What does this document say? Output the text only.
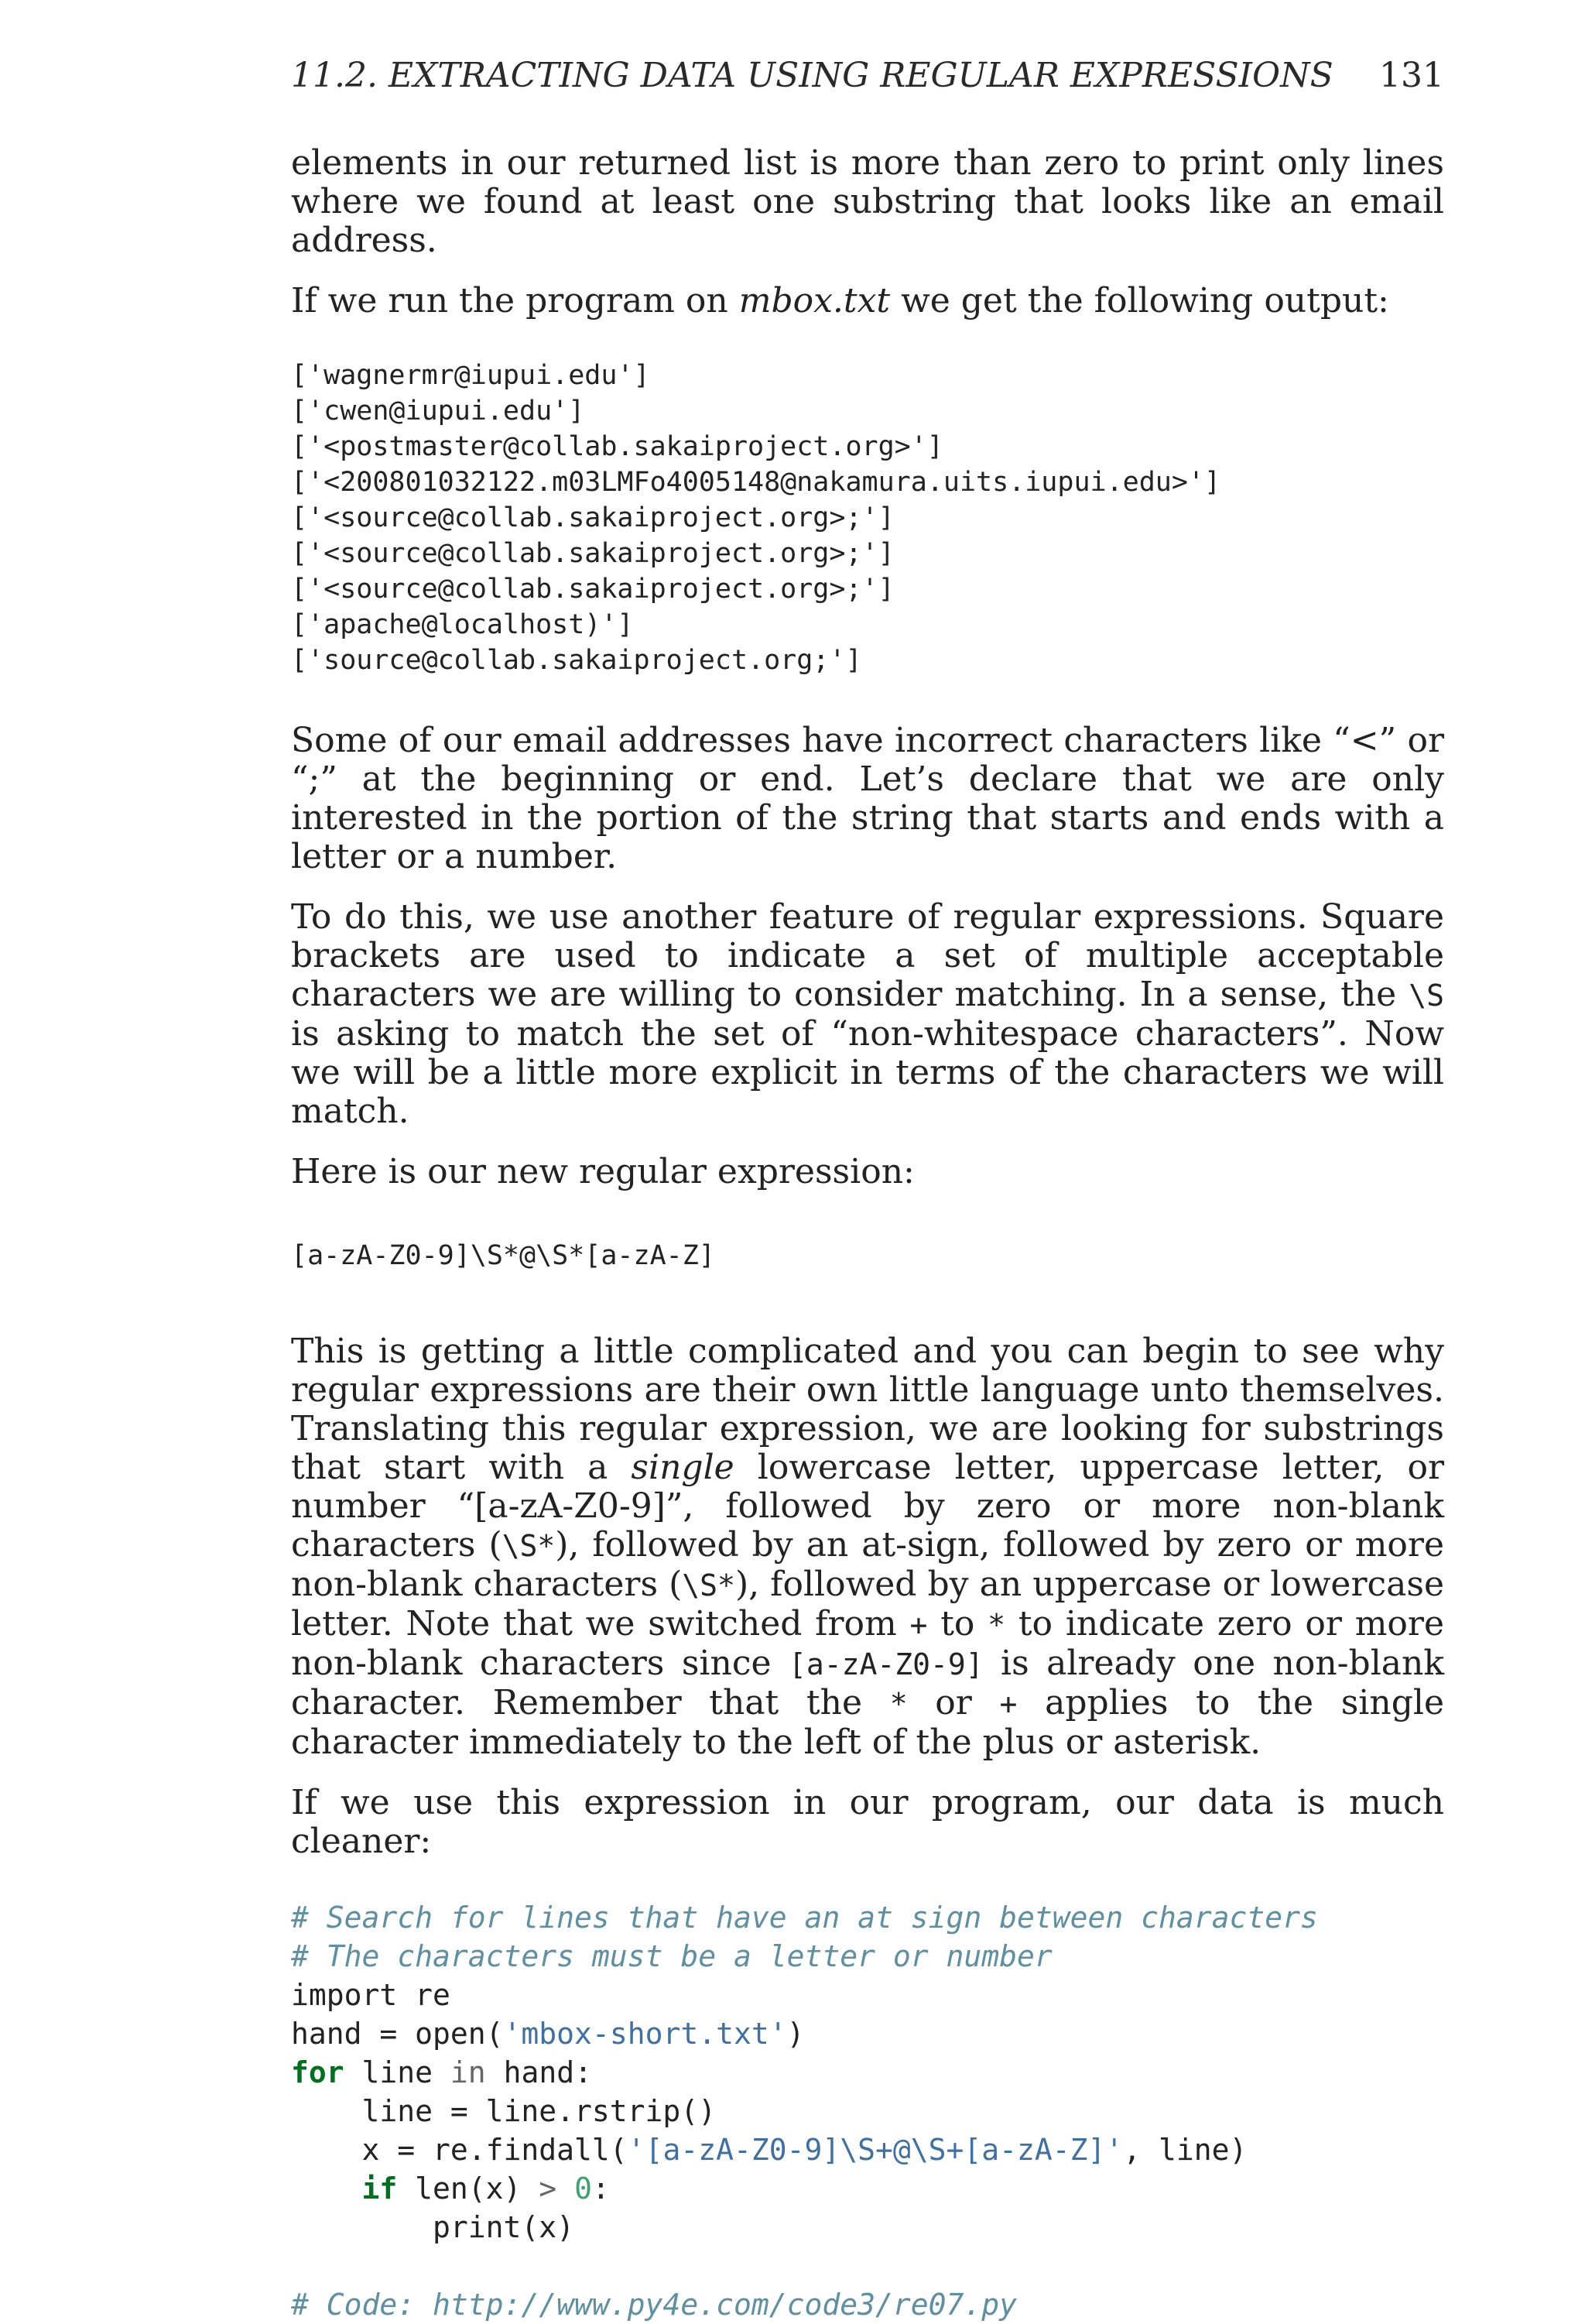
11.2. EXTRACTING DATA USING REGULAR EXPRESSIONS 131

elements in our returned list is more than zero to print only lines where we found at least one substring that looks like an email address.

If we run the program on mbox.txt we get the following output:

['wagnermr@iupui.edu']
['cwen@iupui.edu']
['<postmaster@collab.sakaiproject.org>']
['<200801032122.m03LMFo4005148@nakamura.uits.iupui.edu>']
['<source@collab.sakaiproject.org>;']
['<source@collab.sakaiproject.org>;']
['<source@collab.sakaiproject.org>;']
['apache@localhost)']
['source@collab.sakaiproject.org;']

Some of our email addresses have incorrect characters like “<” or “;” at the beginning or end. Let’s declare that we are only interested in the portion of the string that starts and ends with a letter or a number.

To do this, we use another feature of regular expressions. Square brackets are used to indicate a set of multiple acceptable characters we are willing to consider matching. In a sense, the \S is asking to match the set of “non-whitespace characters”. Now we will be a little more explicit in terms of the characters we will match.

Here is our new regular expression:

[a-zA-Z0-9]\S*@\S*[a-zA-Z]

This is getting a little complicated and you can begin to see why regular expressions are their own little language unto themselves. Translating this regular expression, we are looking for substrings that start with a single lowercase letter, uppercase letter, or number “[a-zA-Z0-9]”, followed by zero or more non-blank characters (\S*), followed by an at-sign, followed by zero or more non-blank characters (\S*), followed by an uppercase or lowercase letter. Note that we switched from + to * to indicate zero or more non-blank characters since [a-zA-Z0-9] is already one non-blank character. Remember that the * or + applies to the single character immediately to the left of the plus or asterisk.

If we use this expression in our program, our data is much cleaner:

# Search for lines that have an at sign between characters
# The characters must be a letter or number
import re
hand = open('mbox-short.txt')
for line in hand:
line = line.rstrip()
x = re.findall('[a-zA-Z0-9]\S+@\S+[a-zA-Z]', line)
if len(x) > 0:
print(x)

# Code: http://www.py4e.com/code3/re07.py
